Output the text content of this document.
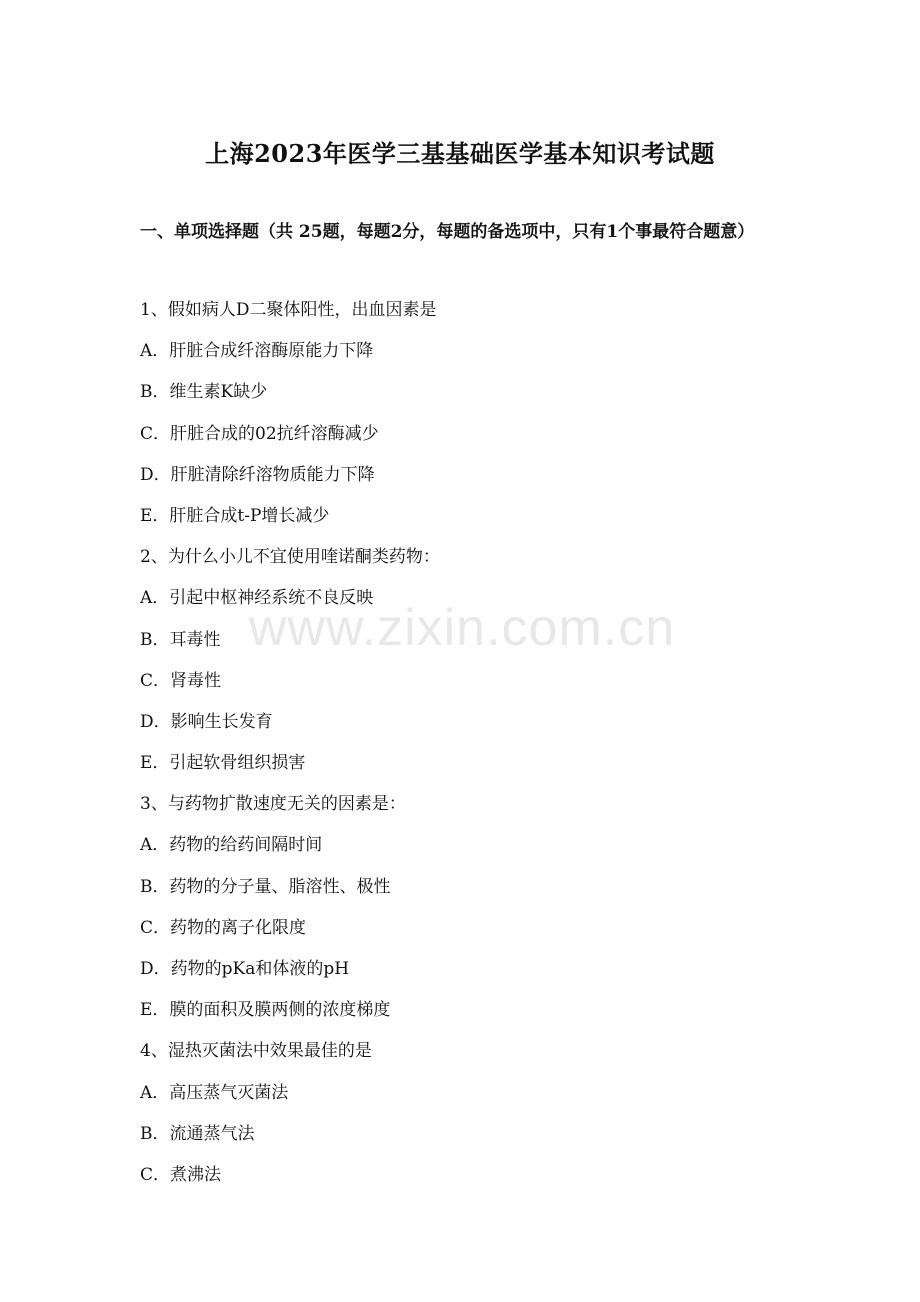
上海2023年医学三基基础医学基本知识考试题
一、单项选择题（共 25题，每题2分，每题的备选项中，只有1个事最符合题意）
1、假如病人D二聚体阳性，出血因素是
A．肝脏合成纤溶酶原能力下降
B．维生素K缺少
C．肝脏合成的02抗纤溶酶减少
D．肝脏清除纤溶物质能力下降
E．肝脏合成t-P增长减少
2、为什么小儿不宜使用喹诺酮类药物：
A．引起中枢神经系统不良反映
B．耳毒性
C．肾毒性
D．影响生长发育
E．引起软骨组织损害
3、与药物扩散速度无关的因素是：
A．药物的给药间隔时间
B．药物的分子量、脂溶性、极性
C．药物的离子化限度
D．药物的pKa和体液的pH
E．膜的面积及膜两侧的浓度梯度
4、湿热灭菌法中效果最佳的是
A．高压蒸气灭菌法
B．流通蒸气法
C．煮沸法
www.zixin.com.cn
